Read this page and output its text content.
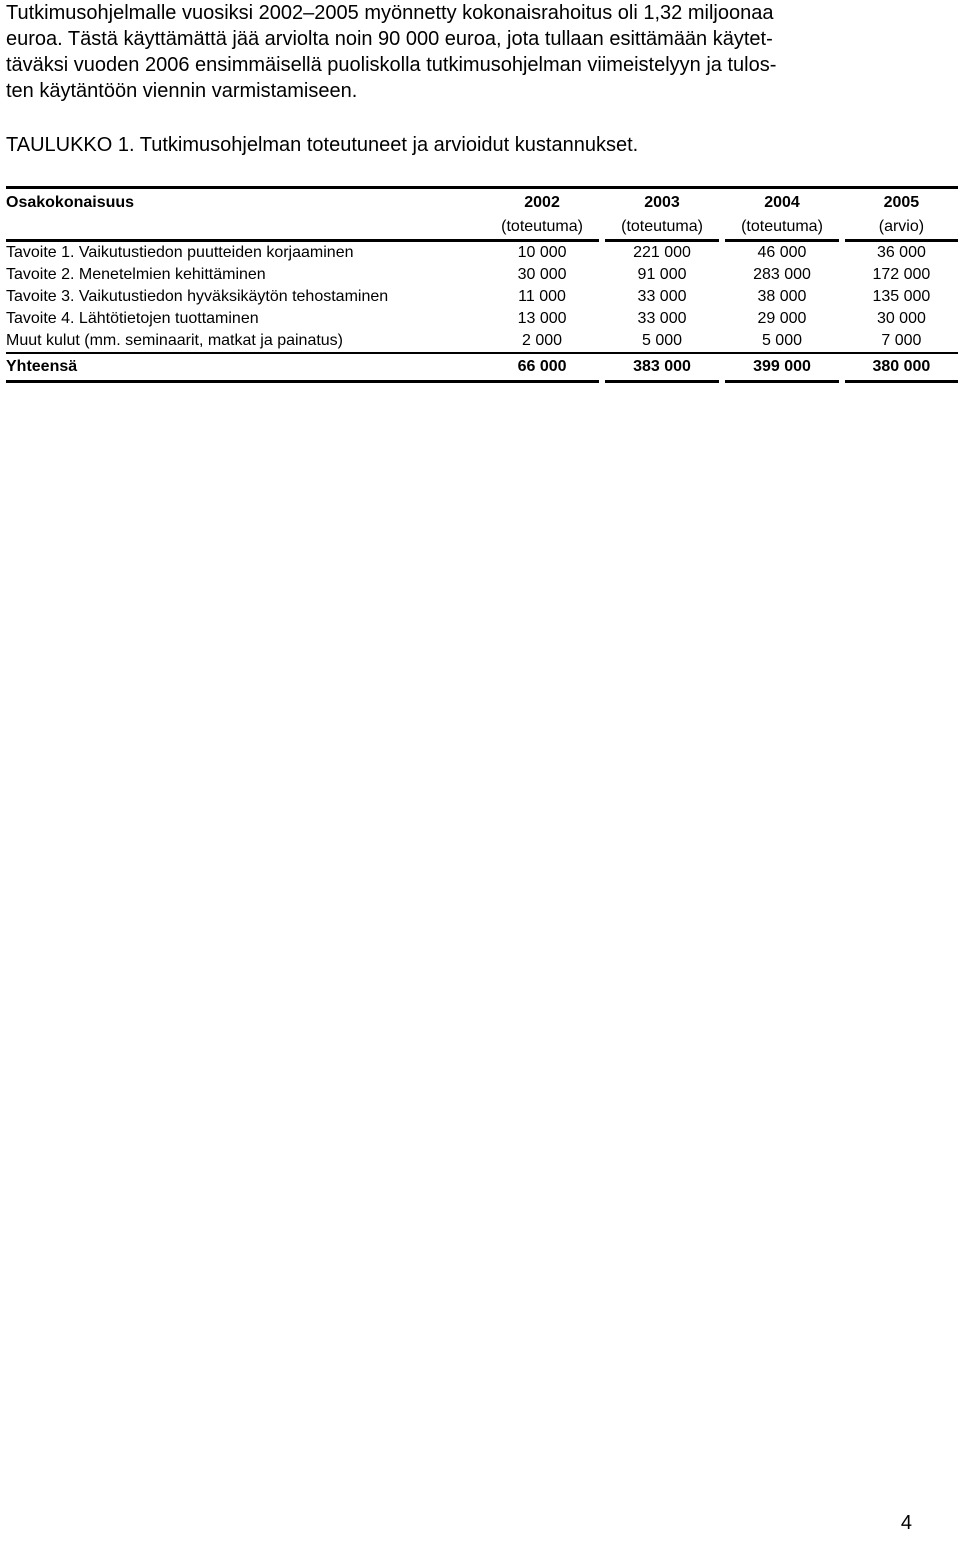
Tutkimusohjelmalle vuosiksi 2002–2005 myönnetty kokonaisrahoitus oli 1,32 miljoonaa
euroa. Tästä käyttämättä jää arviolta noin 90 000 euroa, jota tullaan esittämään käytet-
täväksi vuoden 2006 ensimmäisellä puoliskolla tutkimusohjelman viimeistelyyn ja tulos-
ten käytäntöön viennin varmistamiseen.

TAULUKKO 1. Tutkimusohjelman toteutuneet ja arvioidut kustannukset.

Osakokonaisuus	2002		2003		2004		2005
	(toteutuma)		(toteutuma)		(toteutuma)		(arvio)
Tavoite 1. Vaikutustiedon puutteiden korjaaminen	10 000		221 000		46 000		36 000
Tavoite 2. Menetelmien kehittäminen	30 000		91 000		283 000		172 000
Tavoite 3. Vaikutustiedon hyväksikäytön tehostaminen	11 000		33 000		38 000		135 000
Tavoite 4. Lähtötietojen tuottaminen	13 000		33 000		29 000		30 000
Muut kulut (mm. seminaarit, matkat ja painatus)	2 000		5 000		5 000		7 000
Yhteensä	66 000		383 000		399 000		380 000
4
